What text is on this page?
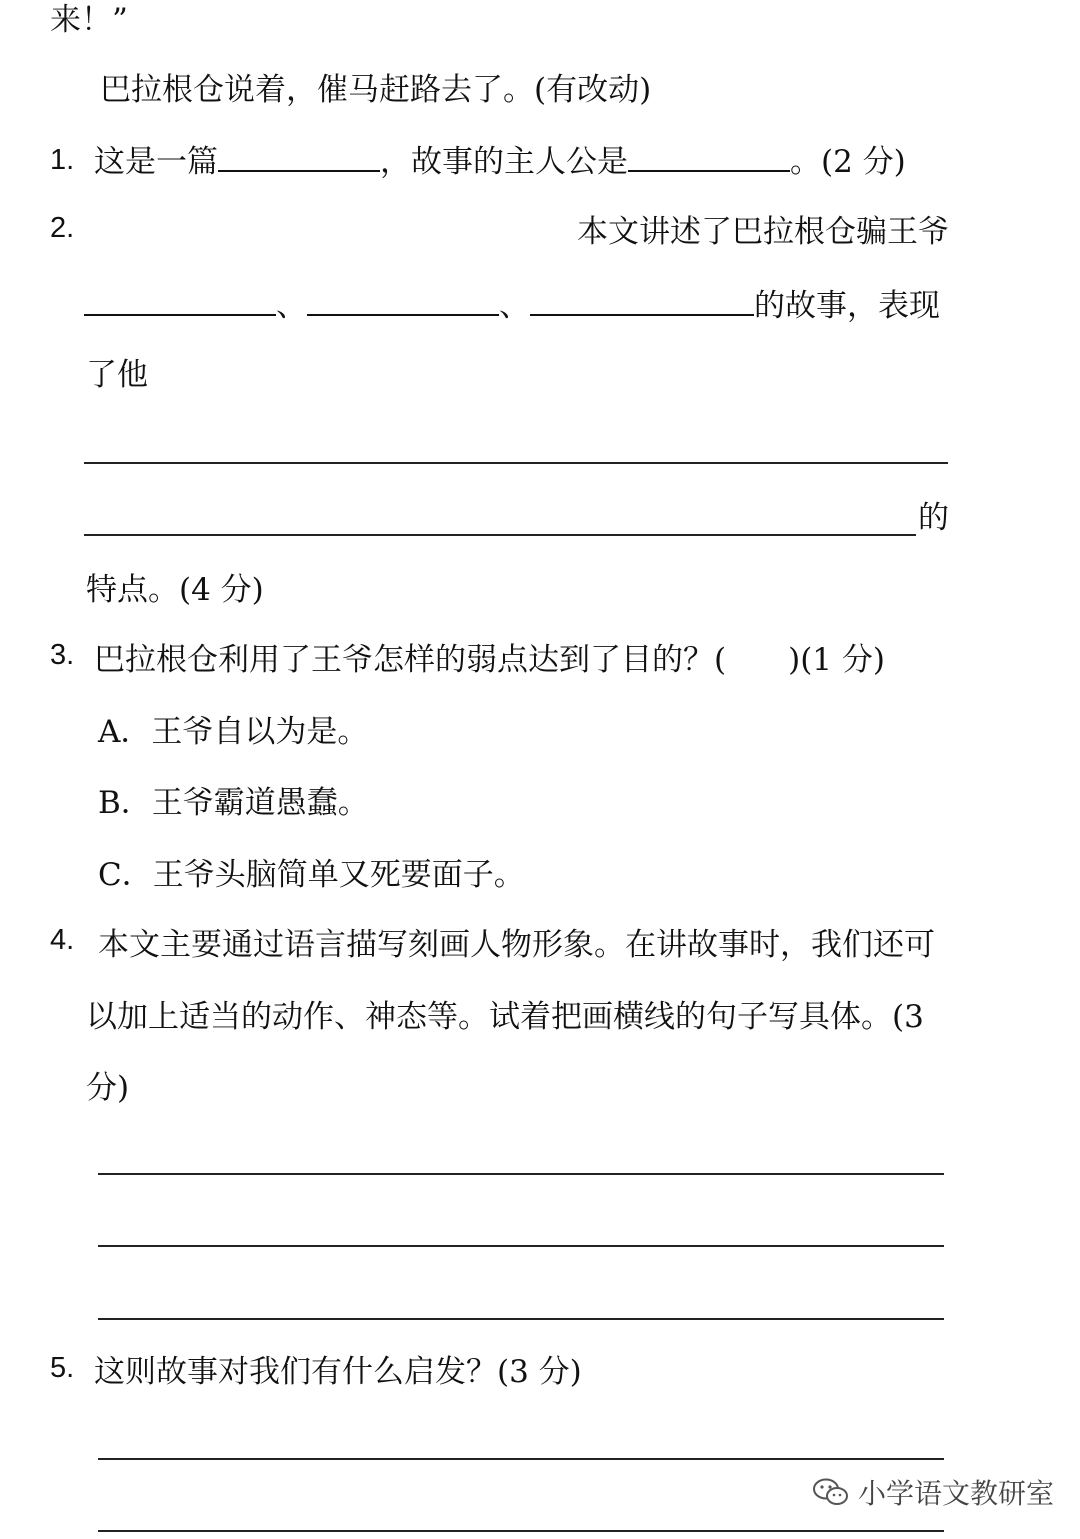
来！”
巴拉根仓说着，催马赶路去了。(有改动)
1. 这是一篇	，故事的主人公是	。(2 分)
2.	本文讲述了巴拉根仓骗王爷
、	、	的故事，表现
了他
的
特点。(4 分)
3. 巴拉根仓利用了王爷怎样的弱点达到了目的？( )(1 分)
A．王爷自以为是。
B．王爷霸道愚蠢。
C．王爷头脑简单又死要面子。
4. 本文主要通过语言描写刻画人物形象。在讲故事时，我们还可
以加上适当的动作、神态等。试着把画横线的句子写具体。(3
分)
5. 这则故事对我们有什么启发？(3 分)
小学语文教研室
